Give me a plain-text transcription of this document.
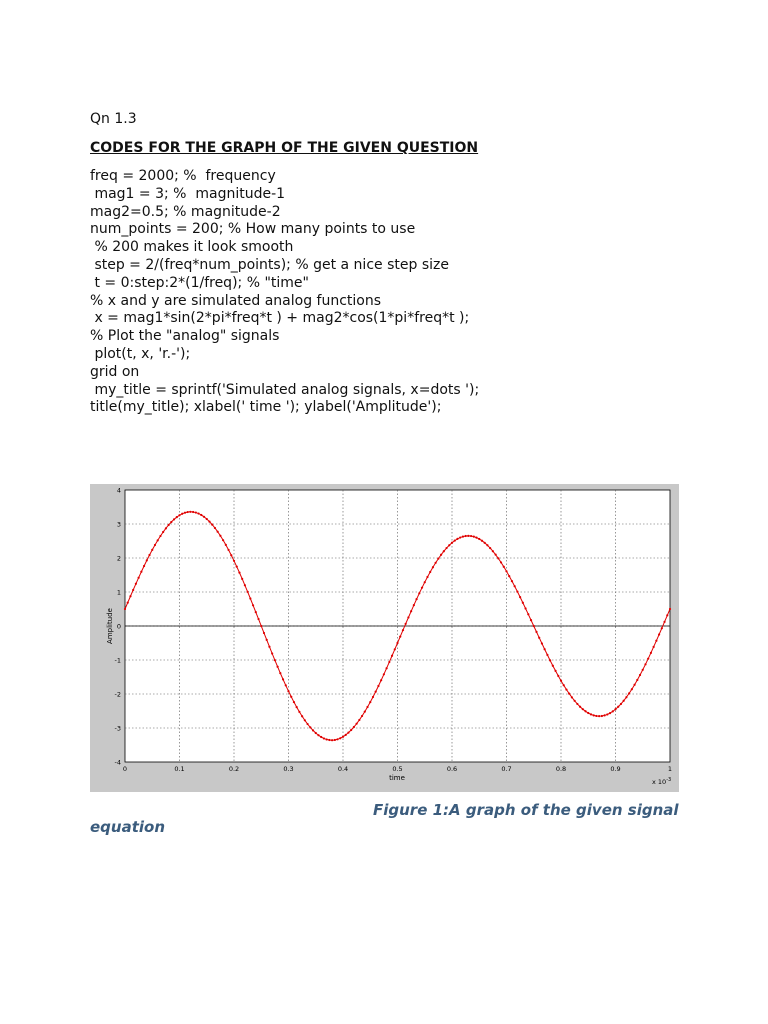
Qn 1.3
CODES FOR THE GRAPH OF THE GIVEN QUESTION
freq = 2000; %  frequency
mag1 = 3; %  magnitude-1
mag2=0.5; % magnitude-2
num_points = 200; % How many points to use
% 200 makes it look smooth
step = 2/(freq*num_points); % get a nice step size
t = 0:step:2*(1/freq); % "time"
% x and y are simulated analog functions
x = mag1*sin(2*pi*freq*t ) + mag2*cos(1*pi*freq*t );
% Plot the "analog" signals
plot(t, x, 'r.-');
grid on
my_title = sprintf('Simulated analog signals, x=dots ');
title(my_title); xlabel(' time '); ylabel('Amplitude');
0	0.1	0.2	0.3	0.4	0.5	0.6	0.7	0.8	0.9	1
4
3
2
1
0
-1
-2
-3
-4
time
Amplitude
x $10^{-3}$
Figure 1:A graph of the given signal
equation
